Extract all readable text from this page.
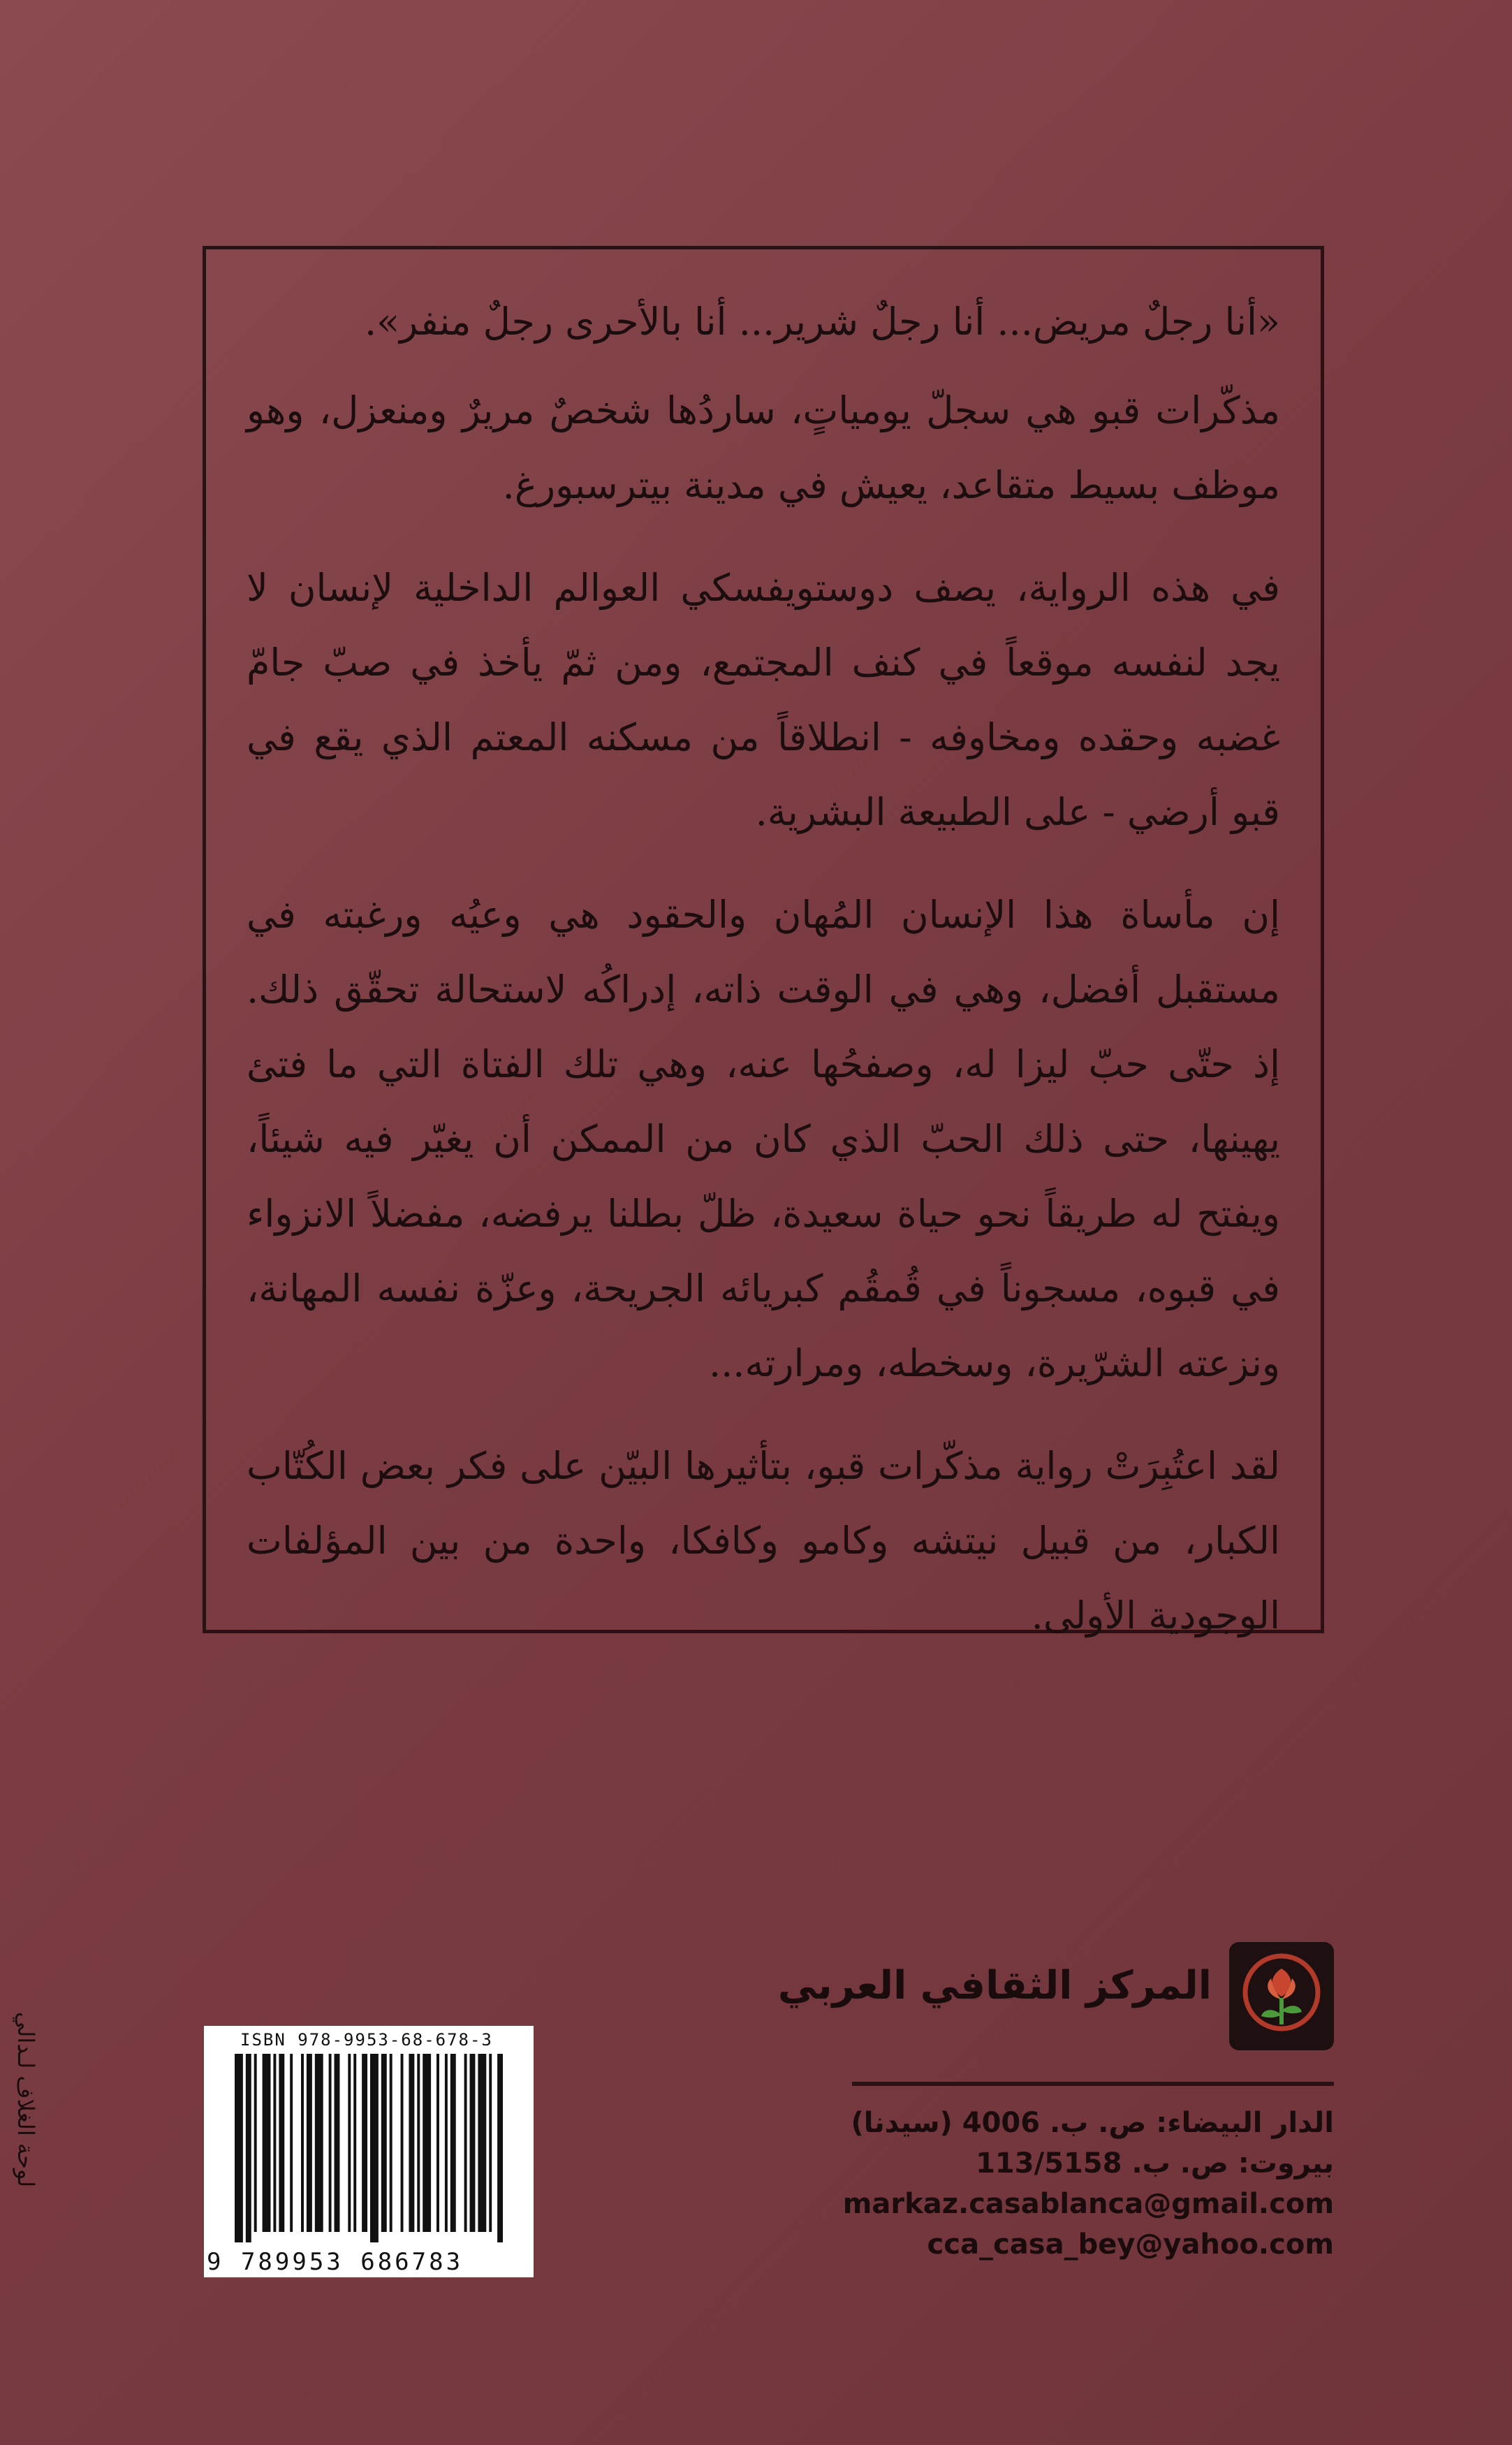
«أنا رجلٌ مريض... أنا رجلٌ شرير... أنا بالأحرى رجلٌ منفر».

مذكّرات قبو هي سجلّ يومياتٍ، ساردُها شخصٌ مريرٌ ومنعزل، وهو موظف بسيط متقاعد، يعيش في مدينة بيترسبورغ.

في هذه الرواية، يصف دوستويفسكي العوالم الداخلية لإنسان لا يجد لنفسه موقعاً في كنف المجتمع، ومن ثمّ يأخذ في صبّ جامّ غضبه وحقده ومخاوفه - انطلاقاً من مسكنه المعتم الذي يقع في قبو أرضي - على الطبيعة البشرية.

إن مأساة هذا الإنسان المُهان والحقود هي وعيُه ورغبته في مستقبل أفضل، وهي في الوقت ذاته، إدراكُه لاستحالة تحقّق ذلك. إذ حتّى حبّ ليزا له، وصفحُها عنه، وهي تلك الفتاة التي ما فتئ يهينها، حتى ذلك الحبّ الذي كان من الممكن أن يغيّر فيه شيئاً، ويفتح له طريقاً نحو حياة سعيدة، ظلّ بطلنا يرفضه، مفضلاً الانزواء في قبوه، مسجوناً في قُمقُم كبريائه الجريحة، وعزّة نفسه المهانة، ونزعته الشرّيرة، وسخطه، ومرارته...

لقد اعتُبِرَتْ رواية مذكّرات قبو، بتأثيرها البيّن على فكر بعض الكُتّاب الكبار، من قبيل نيتشه وكامو وكافكا، واحدة من بين المؤلفات الوجودية الأولى.

المركز الثقافي العربي
الدار البيضاء: ص. ب. 4006 (سيدنا)
بيروت: ص. ب. 113/5158
markaz.casablanca@gmail.com
cca_casa_bey@yahoo.com
ISBN 978-9953-68-678-3
9 789953 686783
لوحة الغلاف لـدالي
